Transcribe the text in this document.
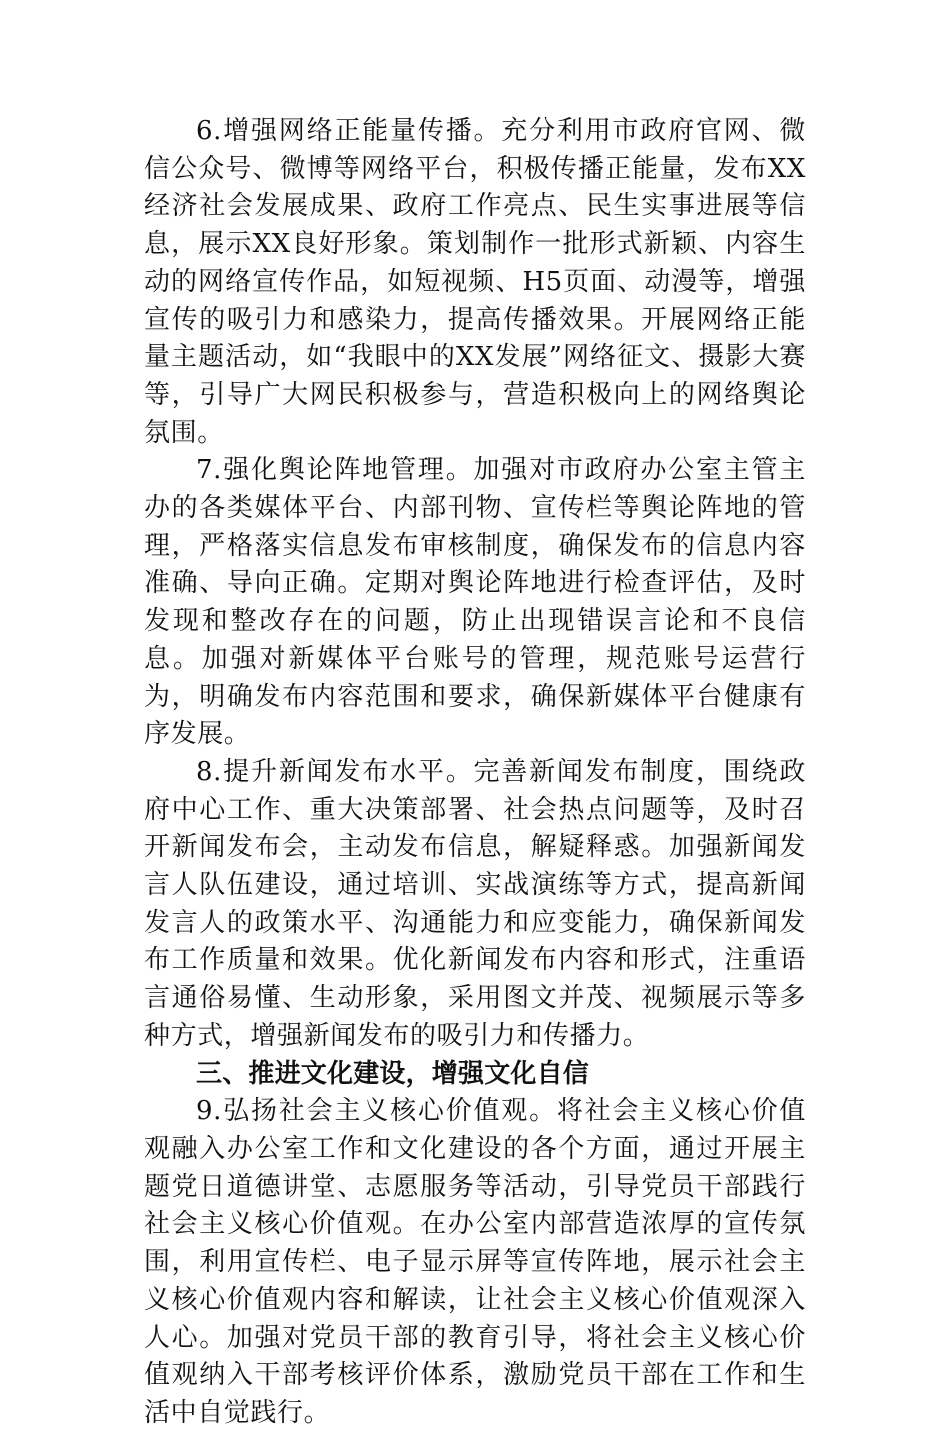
6.增强网络正能量传播。充分利用市政府官网、微信公众号、微博等网络平台，积极传播正能量，发布XX经济社会发展成果、政府工作亮点、民生实事进展等信息，展示XX良好形象。策划制作一批形式新颖、内容生动的网络宣传作品，如短视频、H5页面、动漫等，增强宣传的吸引力和感染力，提高传播效果。开展网络正能量主题活动，如“我眼中的XX发展”网络征文、摄影大赛等，引导广大网民积极参与，营造积极向上的网络舆论氛围。

7.强化舆论阵地管理。加强对市政府办公室主管主办的各类媒体平台、内部刊物、宣传栏等舆论阵地的管理，严格落实信息发布审核制度，确保发布的信息内容准确、导向正确。定期对舆论阵地进行检查评估，及时发现和整改存在的问题，防止出现错误言论和不良信息。加强对新媒体平台账号的管理，规范账号运营行为，明确发布内容范围和要求，确保新媒体平台健康有序发展。

8.提升新闻发布水平。完善新闻发布制度，围绕政府中心工作、重大决策部署、社会热点问题等，及时召开新闻发布会，主动发布信息，解疑释惑。加强新闻发言人队伍建设，通过培训、实战演练等方式，提高新闻发言人的政策水平、沟通能力和应变能力，确保新闻发布工作质量和效果。优化新闻发布内容和形式，注重语言通俗易懂、生动形象，采用图文并茂、视频展示等多种方式，增强新闻发布的吸引力和传播力。

三、推进文化建设，增强文化自信

9.弘扬社会主义核心价值观。将社会主义核心价值观融入办公室工作和文化建设的各个方面，通过开展主题党日道德讲堂、志愿服务等活动，引导党员干部践行社会主义核心价值观。在办公室内部营造浓厚的宣传氛围，利用宣传栏、电子显示屏等宣传阵地，展示社会主义核心价值观内容和解读，让社会主义核心价值观深入人心。加强对党员干部的教育引导，将社会主义核心价值观纳入干部考核评价体系，激励党员干部在工作和生活中自觉践行。
